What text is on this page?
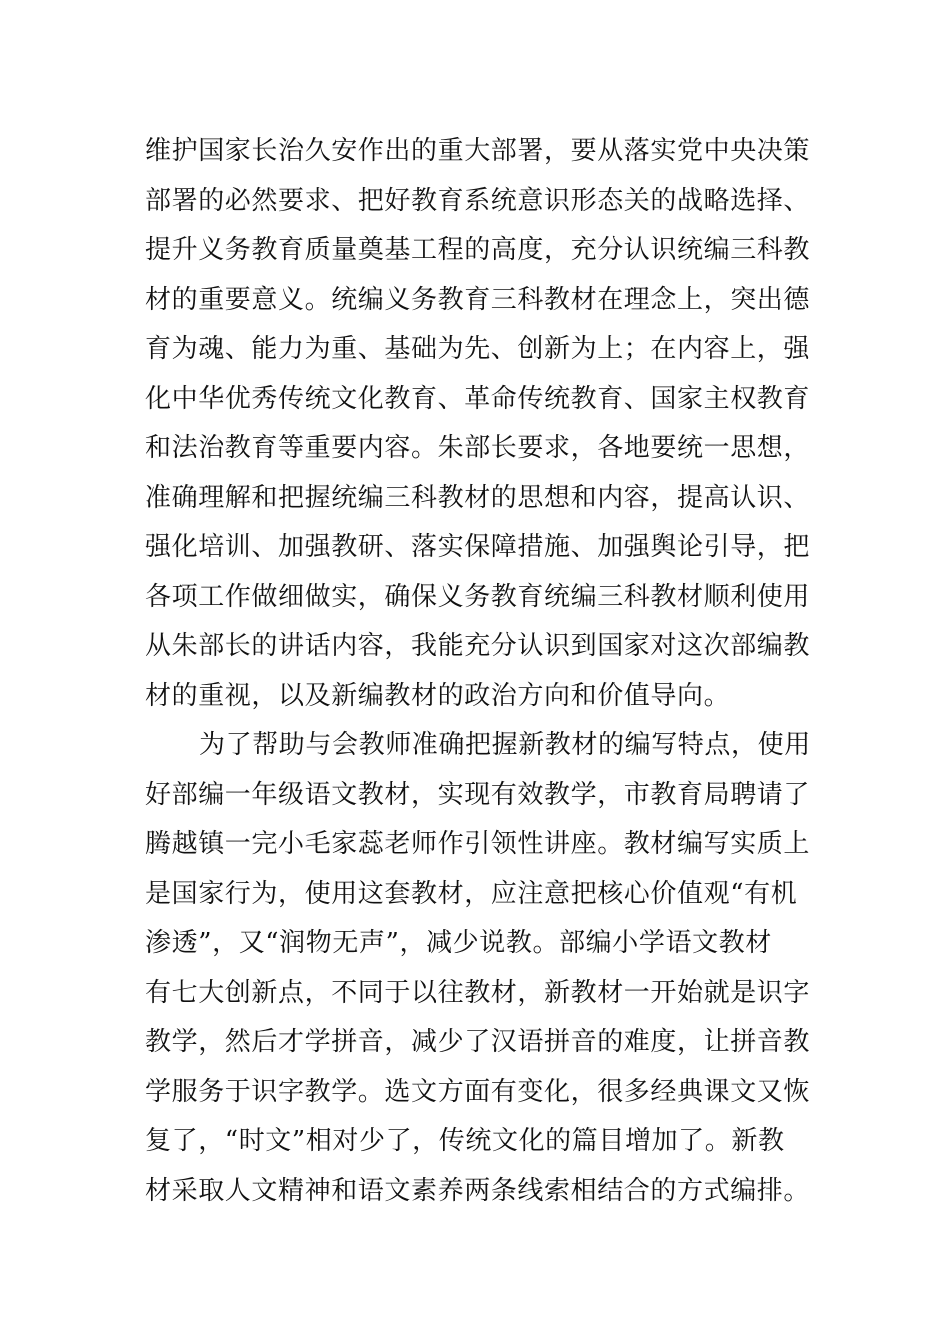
维护国家长治久安作出的重大部署，要从落实党中央决策
部署的必然要求、把好教育系统意识形态关的战略选择、
提升义务教育质量奠基工程的高度，充分认识统编三科教
材的重要意义。统编义务教育三科教材在理念上，突出德
育为魂、能力为重、基础为先、创新为上；在内容上，强
化中华优秀传统文化教育、革命传统教育、国家主权教育
和法治教育等重要内容。朱部长要求，各地要统一思想，
准确理解和把握统编三科教材的思想和内容，提高认识、
强化培训、加强教研、落实保障措施、加强舆论引导，把
各项工作做细做实，确保义务教育统编三科教材顺利使用
从朱部长的讲话内容，我能充分认识到国家对这次部编教
材的重视，以及新编教材的政治方向和价值导向。
为了帮助与会教师准确把握新教材的编写特点，使用
好部编一年级语文教材，实现有效教学，市教育局聘请了
腾越镇一完小毛家蕊老师作引领性讲座。教材编写实质上
是国家行为，使用这套教材，应注意把核心价值观“有机
渗透”，又“润物无声”，减少说教。部编小学语文教材
有七大创新点，不同于以往教材，新教材一开始就是识字
教学，然后才学拼音，减少了汉语拼音的难度，让拼音教
学服务于识字教学。选文方面有变化，很多经典课文又恢
复了，“时文”相对少了，传统文化的篇目增加了。新教
材采取人文精神和语文素养两条线索相结合的方式编排。
